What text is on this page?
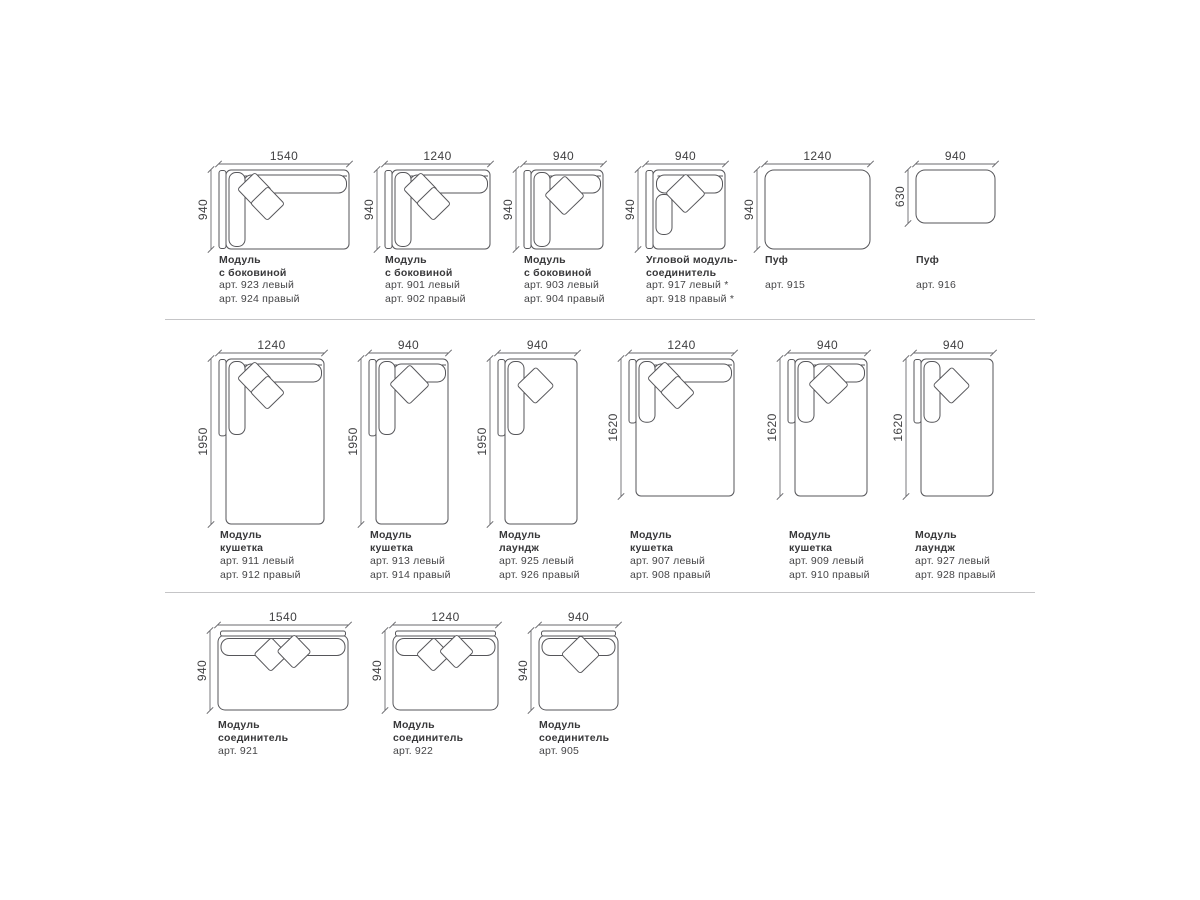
1540
940
Модуль
с боковиной
арт. 923 левый
арт. 924 правый
1240
940
Модуль
с боковиной
арт. 901 левый
арт. 902 правый
940
940
Модуль
с боковиной
арт. 903 левый
арт. 904 правый
940
940
Угловой модуль-
соединитель
арт. 917 левый *
арт. 918 правый *
1240
940
Пуф
арт. 915
940
630
Пуф
арт. 916
1240
1950
Модуль
кушетка
арт. 911 левый
арт. 912 правый
940
1950
Модуль
кушетка
арт. 913 левый
арт. 914 правый
940
1950
Модуль
лаундж
арт. 925 левый
арт. 926 правый
1240
1620
Модуль
кушетка
арт. 907 левый
арт. 908 правый
940
1620
Модуль
кушетка
арт. 909 левый
арт. 910 правый
940
1620
Модуль
лаундж
арт. 927 левый
арт. 928 правый
1540
940
Модуль
соединитель
арт. 921
1240
940
Модуль
соединитель
арт. 922
940
940
Модуль
соединитель
арт. 905
